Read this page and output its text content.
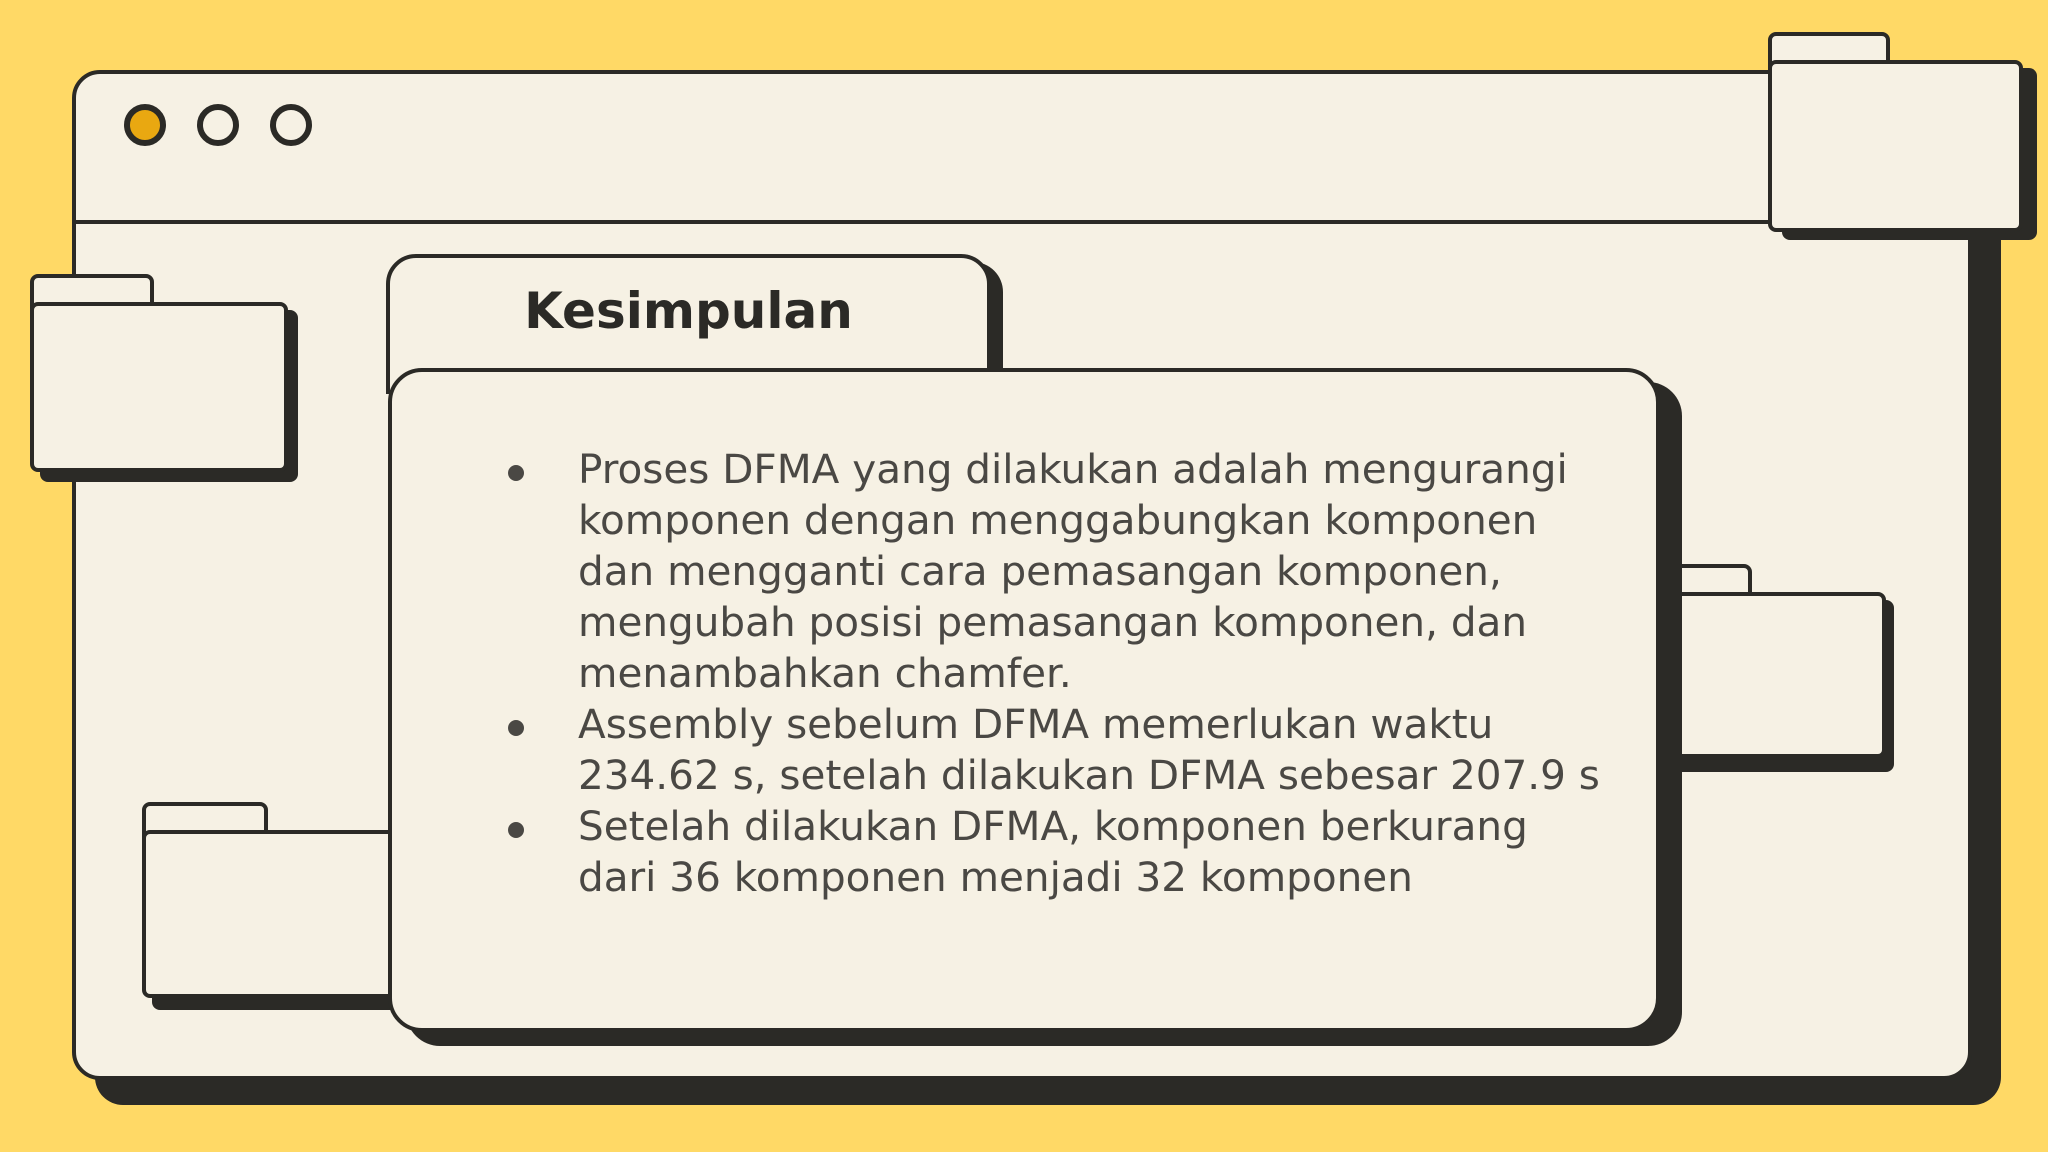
Kesimpulan
Proses DFMA yang dilakukan adalah mengurangi komponen dengan menggabungkan komponen dan mengganti cara pemasangan komponen, mengubah posisi pemasangan komponen, dan menambahkan chamfer.
Assembly sebelum DFMA memerlukan waktu 234.62 s, setelah dilakukan DFMA sebesar 207.9 s
Setelah dilakukan DFMA, komponen berkurang dari 36 komponen menjadi 32 komponen
